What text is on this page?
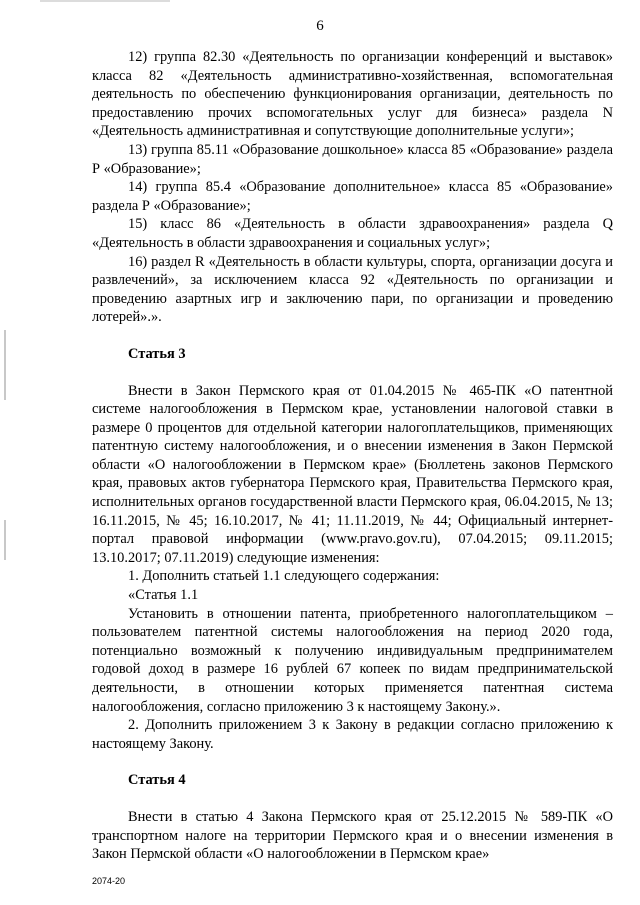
6

12) группа 82.30 «Деятельность по организации конференций и выставок» класса 82 «Деятельность административно-хозяйственная, вспомогательная деятельность по обеспечению функционирования организации, деятельность по предоставлению прочих вспомогательных услуг для бизнеса» раздела N «Деятельность административная и сопутствующие дополнительные услуги»;

13) группа 85.11 «Образование дошкольное» класса 85 «Образование» раздела Р «Образование»;

14) группа 85.4 «Образование дополнительное» класса 85 «Образование» раздела Р «Образование»;

15) класс 86 «Деятельность в области здравоохранения» раздела Q «Деятельность в области здравоохранения и социальных услуг»;

16) раздел R «Деятельность в области культуры, спорта, организации досуга и развлечений», за исключением класса 92 «Деятельность по организации и проведению азартных игр и заключению пари, по организации и проведению лотерей».».

Статья 3

Внести в Закон Пермского края от 01.04.2015 № 465-ПК «О патентной системе налогообложения в Пермском крае, установлении налоговой ставки в размере 0 процентов для отдельной категории налогоплательщиков, применяющих патентную систему налогообложения, и о внесении изменения в Закон Пермской области «О налогообложении в Пермском крае» (Бюллетень законов Пермского края, правовых актов губернатора Пермского края, Правительства Пермского края, исполнительных органов государственной власти Пермского края, 06.04.2015, № 13; 16.11.2015, № 45; 16.10.2017, № 41; 11.11.2019, № 44; Официальный интернет-портал правовой информации (www.pravo.gov.ru), 07.04.2015; 09.11.2015; 13.10.2017; 07.11.2019) следующие изменения:

1. Дополнить статьей 1.1 следующего содержания:

«Статья 1.1

Установить в отношении патента, приобретенного налогоплательщиком – пользователем патентной системы налогообложения на период 2020 года, потенциально возможный к получению индивидуальным предпринимателем годовой доход в размере 16 рублей 67 копеек по видам предпринимательской деятельности, в отношении которых применяется патентная система налогообложения, согласно приложению 3 к настоящему Закону.».

2. Дополнить приложением 3 к Закону в редакции согласно приложению к настоящему Закону.

Статья 4

Внести в статью 4 Закона Пермского края от 25.12.2015 № 589-ПК «О транспортном налоге на территории Пермского края и о внесении изменения в Закон Пермской области «О налогообложении в Пермском крае»

2074-20
